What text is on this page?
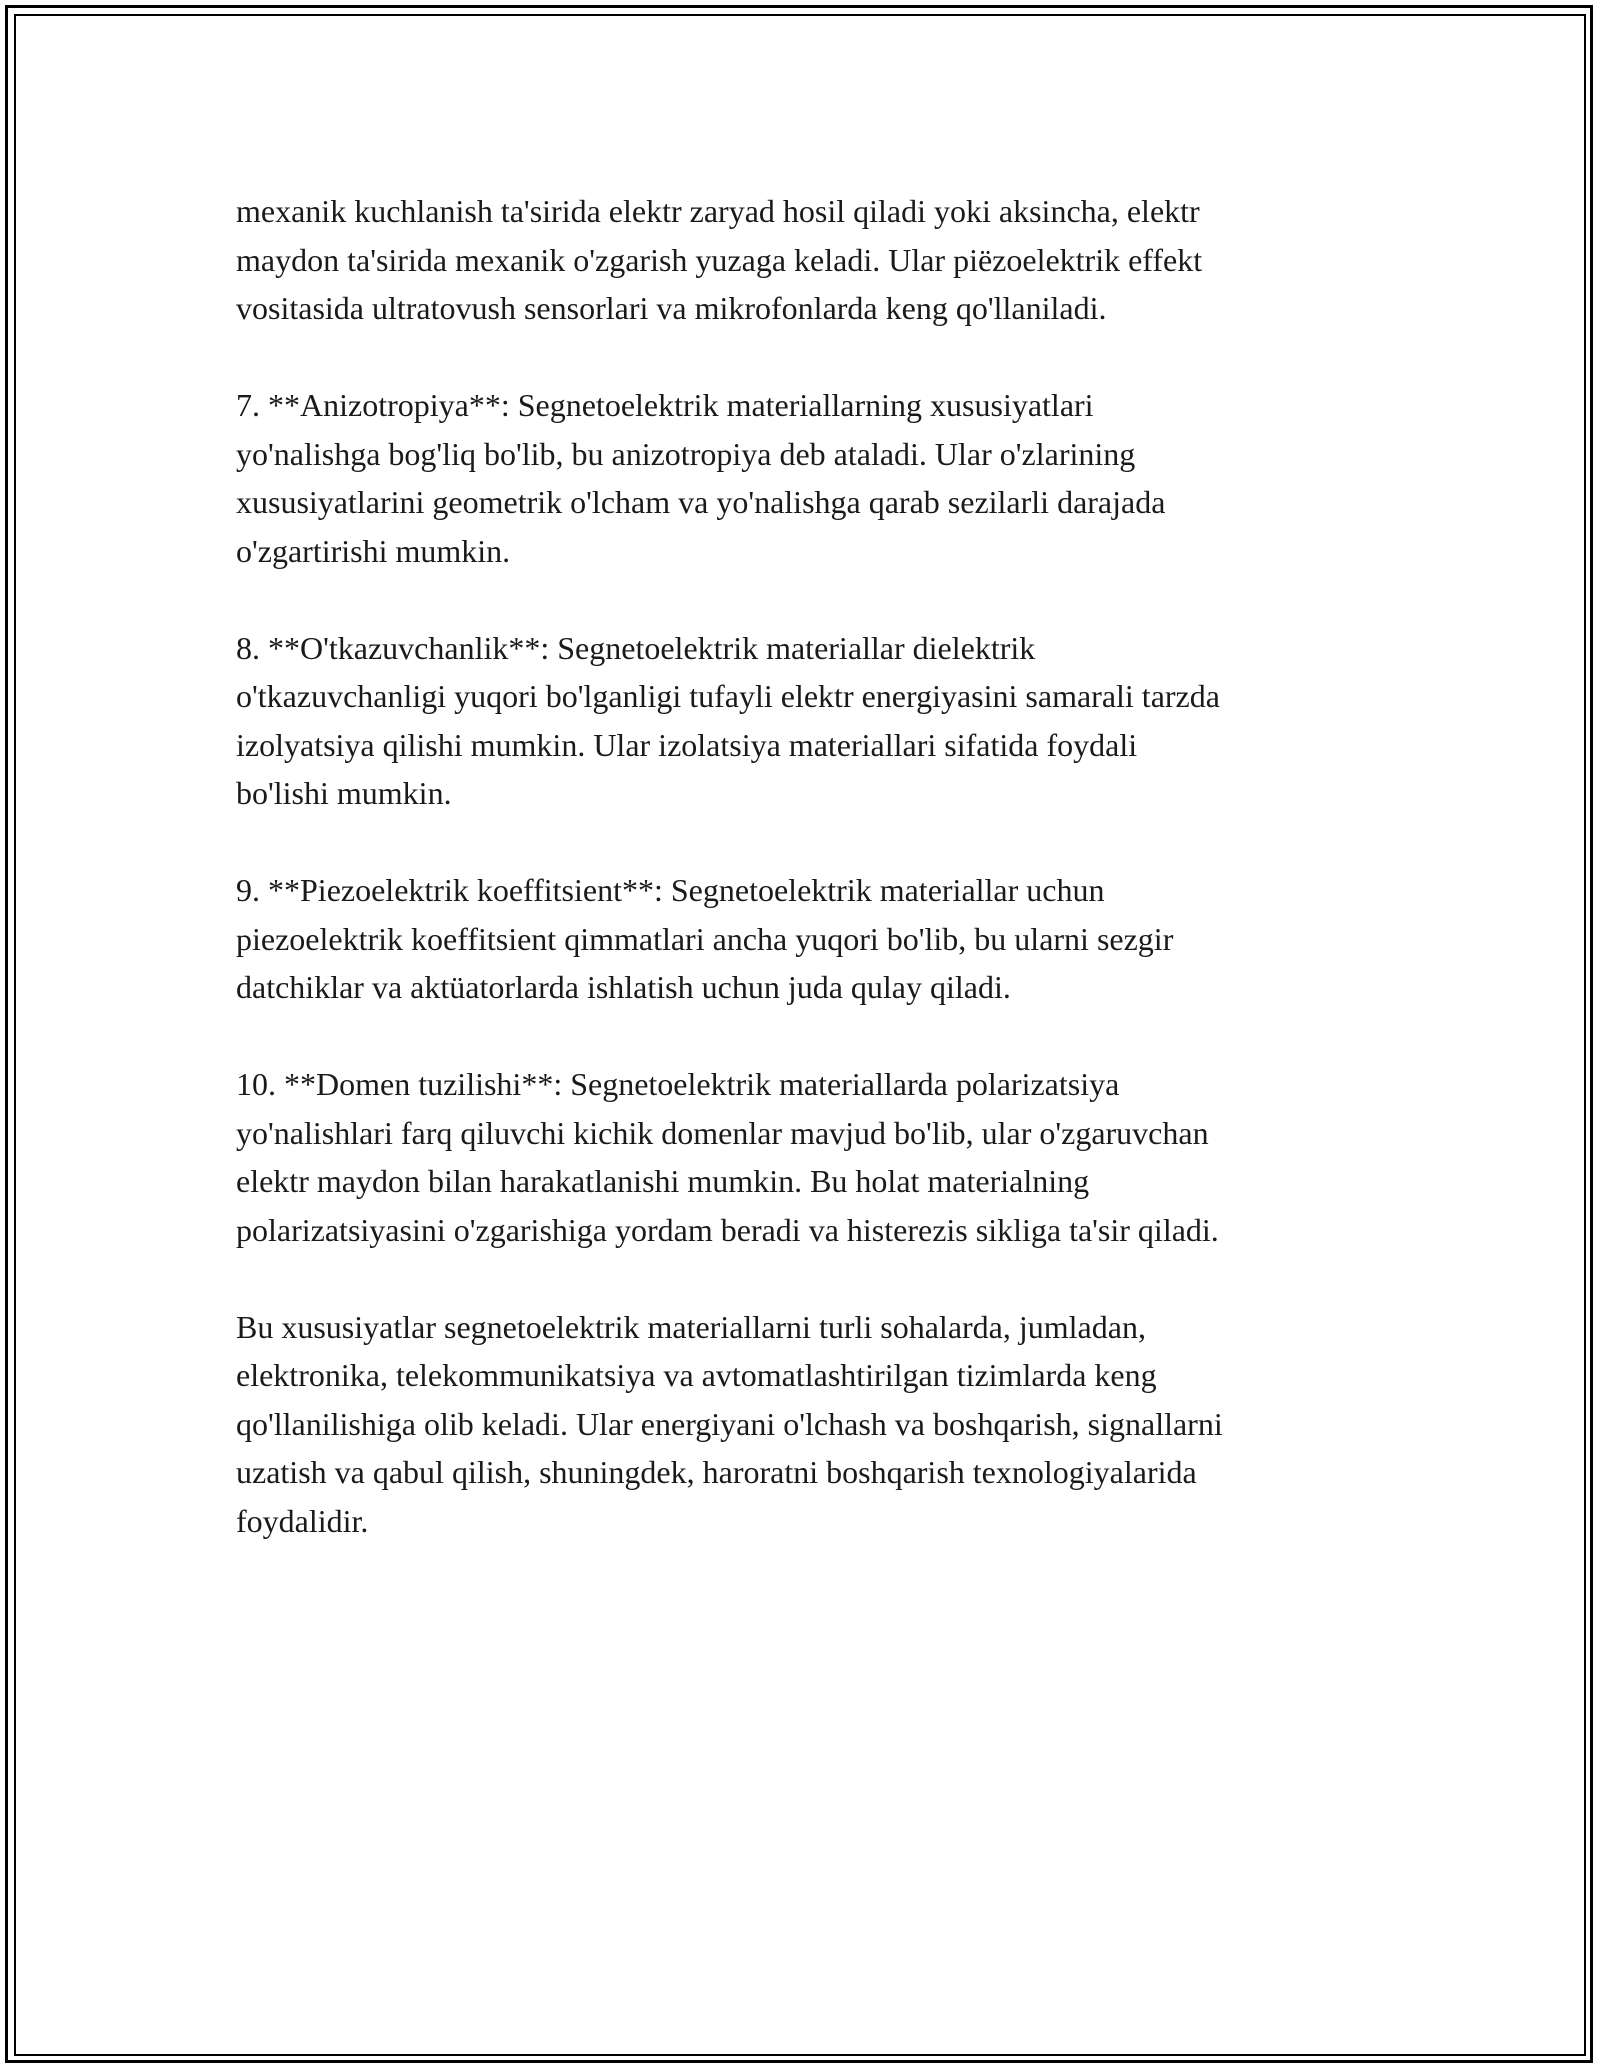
mexanik kuchlanish ta'sirida elektr zaryad hosil qiladi yoki aksincha, elektr
maydon ta'sirida mexanik o'zgarish yuzaga keladi. Ular piëzoelektrik effekt
vositasida ultratovush sensorlari va mikrofonlarda keng qo'llaniladi.
7. **Anizotropiya**: Segnetoelektrik materiallarning xususiyatlari
yo'nalishga bog'liq bo'lib, bu anizotropiya deb ataladi. Ular o'zlarining
xususiyatlarini geometrik o'lcham va yo'nalishga qarab sezilarli darajada
o'zgartirishi mumkin.
8. **O'tkazuvchanlik**: Segnetoelektrik materiallar dielektrik
o'tkazuvchanligi yuqori bo'lganligi tufayli elektr energiyasini samarali tarzda
izolyatsiya qilishi mumkin. Ular izolatsiya materiallari sifatida foydali
bo'lishi mumkin.
9. **Piezoelektrik koeffitsient**: Segnetoelektrik materiallar uchun
piezoelektrik koeffitsient qimmatlari ancha yuqori bo'lib, bu ularni sezgir
datchiklar va aktüatorlarda ishlatish uchun juda qulay qiladi.
10. **Domen tuzilishi**: Segnetoelektrik materiallarda polarizatsiya
yo'nalishlari farq qiluvchi kichik domenlar mavjud bo'lib, ular o'zgaruvchan
elektr maydon bilan harakatlanishi mumkin. Bu holat materialning
polarizatsiyasini o'zgarishiga yordam beradi va histerezis sikliga ta'sir qiladi.
Bu xususiyatlar segnetoelektrik materiallarni turli sohalarda, jumladan,
elektronika, telekommunikatsiya va avtomatlashtirilgan tizimlarda keng
qo'llanilishiga olib keladi. Ular energiyani o'lchash va boshqarish, signallarni
uzatish va qabul qilish, shuningdek, haroratni boshqarish texnologiyalarida
foydalidir.
